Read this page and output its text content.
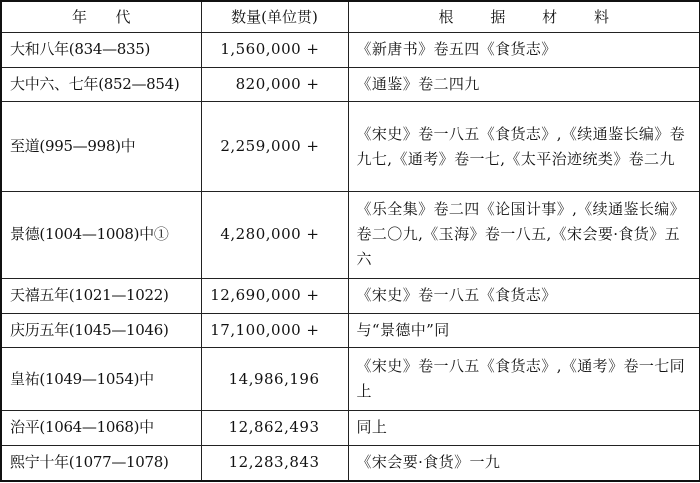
年　代	数量(单位贯)	根据材料
大和八年(834—835)	1,560,000 +	《新唐书》卷五四《食货志》
大中六、七年(852—854)	820,000 +	《通鉴》卷二四九
至道(995—998)中	2,259,000 +	《宋史》卷一八五《食货志》,《续通鉴长编》卷九七,《通考》卷一七,《太平治迹统类》卷二九
景德(1004—1008)中①	4,280,000 +	《乐全集》卷二四《论国计事》,《续通鉴长编》卷二〇九,《玉海》卷一八五,《宋会要·食货》五六
天禧五年(1021—1022)	12,690,000 +	《宋史》卷一八五《食货志》
庆历五年(1045—1046)	17,100,000 +	与“景德中”同
皇祐(1049—1054)中	14,986,196	《宋史》卷一八五《食货志》,《通考》卷一七同上
治平(1064—1068)中	12,862,493	同上
熙宁十年(1077—1078)	12,283,843	《宋会要·食货》一九
